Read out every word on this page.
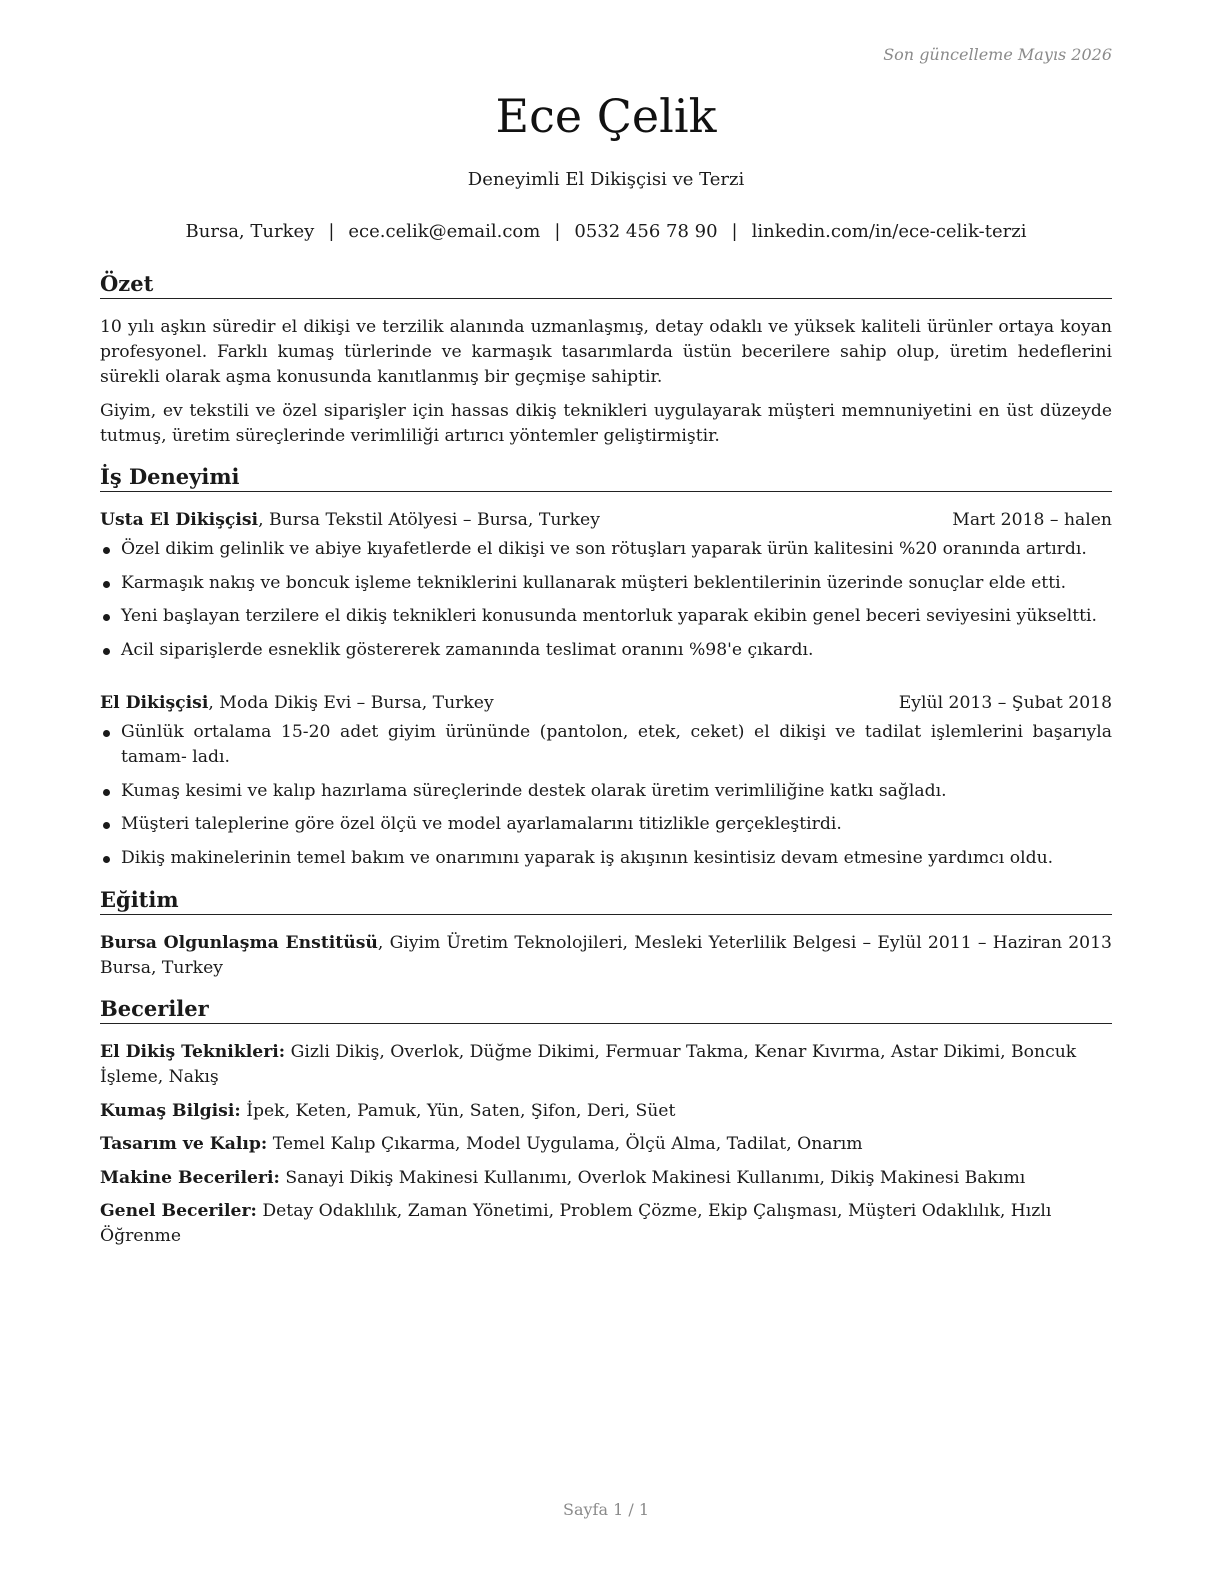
Son güncelleme Mayıs 2026
Ece Çelik
Deneyimli El Dikişçisi ve Terzi
Bursa, Turkey | ece.celik@email.com | 0532 456 78 90 | linkedin.com/in/ece-celik-terzi
Özet
10 yılı aşkın süredir el dikişi ve terzilik alanında uzmanlaşmış, detay odaklı ve yüksek kaliteli ürünler ortaya koyan profesyonel. Farklı kumaş türlerinde ve karmaşık tasarımlarda üstün becerilere sahip olup, üretim hedeflerini sürekli olarak aşma konusunda kanıtlanmış bir geçmişe sahiptir.
Giyim, ev tekstili ve özel siparişler için hassas dikiş teknikleri uygulayarak müşteri memnuniyetini en üst düzeyde tutmuş, üretim süreçlerinde verimliliği artırıcı yöntemler geliştirmiştir.
İş Deneyimi
Usta El Dikişçisi, Bursa Tekstil Atölyesi – Bursa, Turkey	Mart 2018 – halen
Özel dikim gelinlik ve abiye kıyafetlerde el dikişi ve son rötuşları yaparak ürün kalitesini %20 oranında artırdı.
Karmaşık nakış ve boncuk işleme tekniklerini kullanarak müşteri beklentilerinin üzerinde sonuçlar elde etti.
Yeni başlayan terzilere el dikiş teknikleri konusunda mentorluk yaparak ekibin genel beceri seviyesini yükseltti.
Acil siparişlerde esneklik göstererek zamanında teslimat oranını %98'e çıkardı.
El Dikişçisi, Moda Dikiş Evi – Bursa, Turkey	Eylül 2013 – Şubat 2018
Günlük ortalama 15-20 adet giyim ürününde (pantolon, etek, ceket) el dikişi ve tadilat işlemlerini başarıyla tamam- ladı.
Kumaş kesimi ve kalıp hazırlama süreçlerinde destek olarak üretim verimliliğine katkı sağladı.
Müşteri taleplerine göre özel ölçü ve model ayarlamalarını titizlikle gerçekleştirdi.
Dikiş makinelerinin temel bakım ve onarımını yaparak iş akışının kesintisiz devam etmesine yardımcı oldu.
Eğitim
Bursa Olgunlaşma Enstitüsü, Giyim Üretim Teknolojileri, Mesleki Yeterlilik Belgesi – Eylül 2011 – Haziran 2013 Bursa, Turkey
Beceriler
El Dikiş Teknikleri: Gizli Dikiş, Overlok, Düğme Dikimi, Fermuar Takma, Kenar Kıvırma, Astar Dikimi, Boncuk İşleme, Nakış
Kumaş Bilgisi: İpek, Keten, Pamuk, Yün, Saten, Şifon, Deri, Süet
Tasarım ve Kalıp: Temel Kalıp Çıkarma, Model Uygulama, Ölçü Alma, Tadilat, Onarım
Makine Becerileri: Sanayi Dikiş Makinesi Kullanımı, Overlok Makinesi Kullanımı, Dikiş Makinesi Bakımı
Genel Beceriler: Detay Odaklılık, Zaman Yönetimi, Problem Çözme, Ekip Çalışması, Müşteri Odaklılık, Hızlı Öğrenme
Sayfa 1 / 1
